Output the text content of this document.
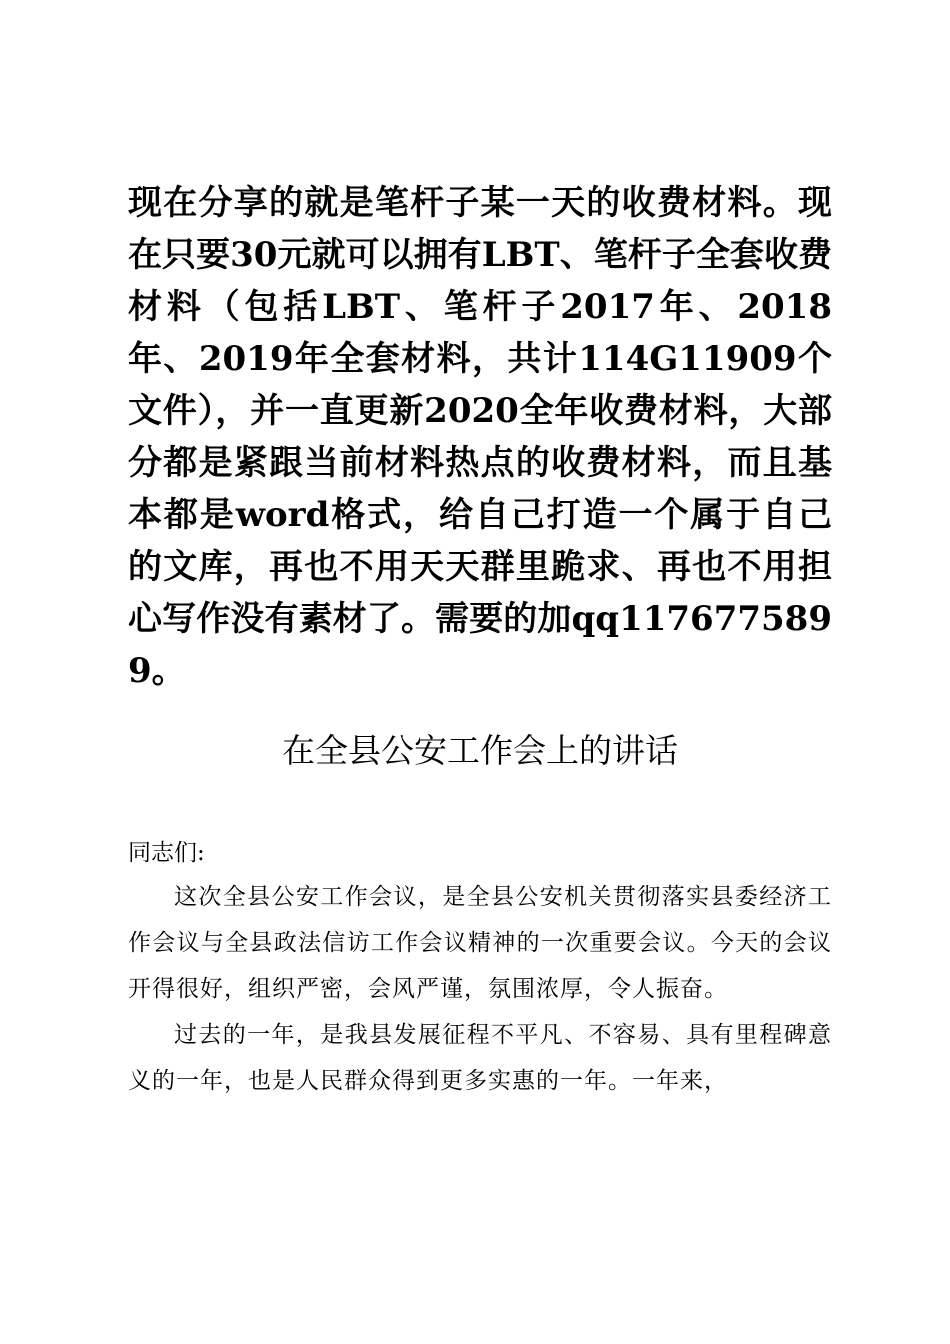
现在分享的就是笔杆子某一天的收费材料。现在只要30元就可以拥有LBT、笔杆子全套收费材料（包括LBT、笔杆子2017年、2018年、2019年全套材料，共计114G11909个文件），并一直更新2020全年收费材料，大部分都是紧跟当前材料热点的收费材料，而且基本都是word格式，给自己打造一个属于自己的文库，再也不用天天群里跪求、再也不用担心写作没有素材了。需要的加qq1176775899。

在全县公安工作会上的讲话

同志们:

这次全县公安工作会议，是全县公安机关贯彻落实县委经济工作会议与全县政法信访工作会议精神的一次重要会议。今天的会议开得很好，组织严密，会风严谨，氛围浓厚，令人振奋。

过去的一年，是我县发展征程不平凡、不容易、具有里程碑意义的一年，也是人民群众得到更多实惠的一年。一年来，
